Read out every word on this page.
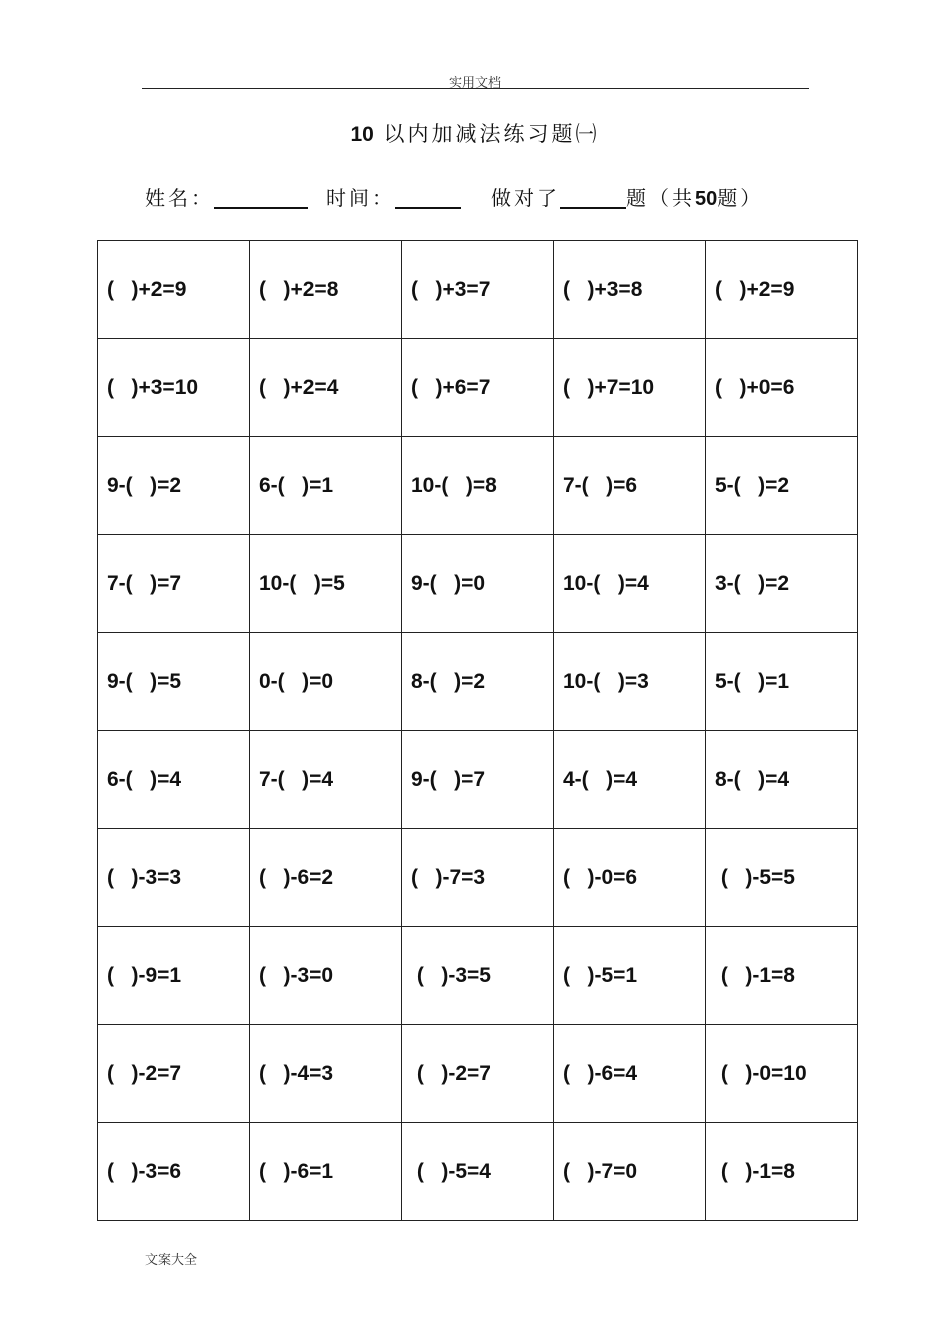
实用文档
10 以内加减法练习题㈠
姓名：	时间：	做对了	题（共50题）
(   )+2=9	(   )+2=8	(   )+3=7	(   )+3=8	(   )+2=9
(   )+3=10	(   )+2=4	(   )+6=7	(   )+7=10	(   )+0=6
9-(   )=2	6-(   )=1	10-(   )=8	7-(   )=6	5-(   )=2
7-(   )=7	10-(   )=5	9-(   )=0	10-(   )=4	3-(   )=2
9-(   )=5	0-(   )=0	8-(   )=2	10-(   )=3	5-(   )=1
6-(   )=4	7-(   )=4	9-(   )=7	4-(   )=4	8-(   )=4
(   )-3=3	(   )-6=2	(   )-7=3	(   )-0=6	(   )-5=5
(   )-9=1	(   )-3=0	(   )-3=5	(   )-5=1	(   )-1=8
(   )-2=7	(   )-4=3	(   )-2=7	(   )-6=4	(   )-0=10
(   )-3=6	(   )-6=1	(   )-5=4	(   )-7=0	(   )-1=8
文案大全
